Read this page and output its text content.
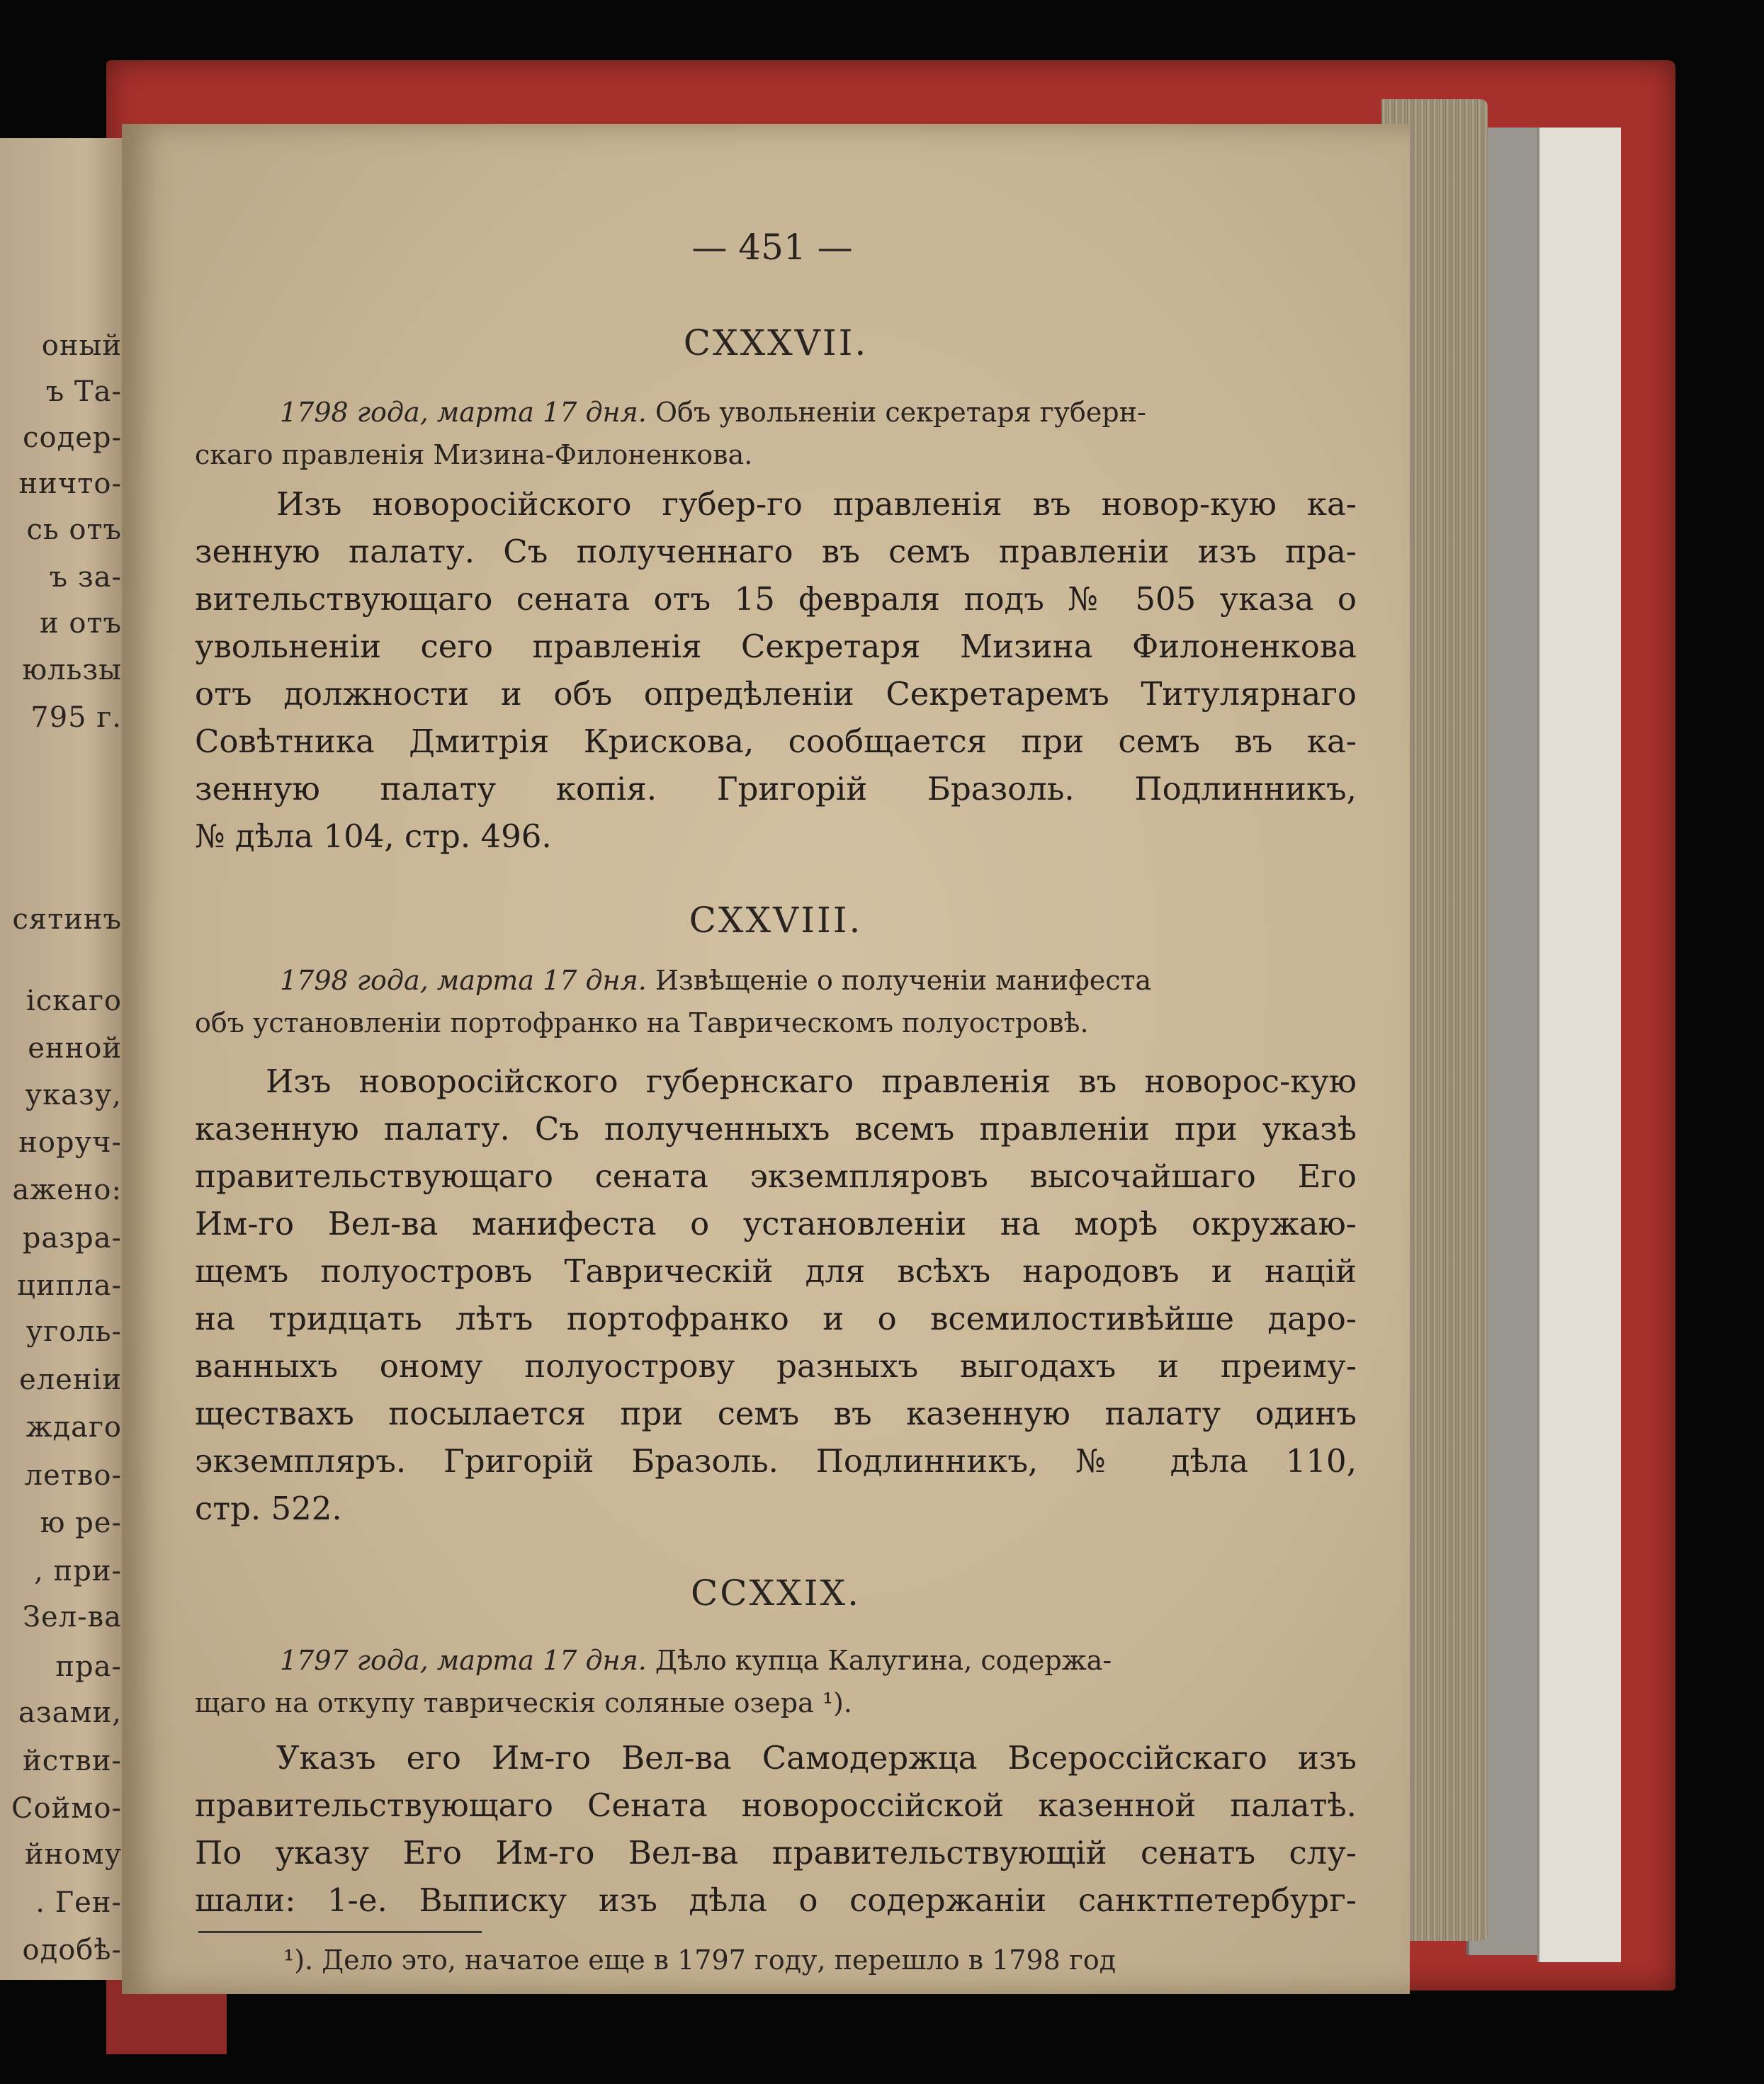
оный
ъ Та-
содер-
ничто-
сь отъ
ъ за-
и отъ
юльзы
795 г.
сятинъ
іскаго
енной
указу,
норуч-
ажено:
разра-
ципла-
уголь-
еленіи
ждаго
летво-
ю ре-
, при-
Зел-ва
пра-
азами,
йстви-
Соймо-
йному
. Ген-
одобѣ-
— 451 —
CXXXVII.
1798 года, марта 17 дня. Объ увольненіи секретаря губерн-
скаго правленія Мизина-Филоненкова.
Изъ новоросійского губер-го правленія въ новор-кую ка-
зенную палату. Съ полученнаго въ семъ правленіи изъ пра-
вительствующаго сената отъ 15 февраля подъ № 505 указа о
увольненіи сего правленія Секретаря Мизина Филоненкова
отъ должности и объ опредѣленіи Секретаремъ Титулярнаго
Совѣтника Дмитрія Крискова, сообщается при семъ въ ка-
зенную палату копія. Григорій Бразоль. Подлинникъ,
№ дѣла 104, стр. 496.
CXXVIII.
1798 года, марта 17 дня. Извѣщеніе о полученіи манифеста
объ установленіи портофранко на Таврическомъ полуостровѣ.
Изъ новоросійского губернскаго правленія въ новорос-кую
казенную палату. Съ полученныхъ всемъ правленіи при указѣ
правительствующаго сената экземпляровъ высочайшаго Его
Им-го Вел-ва манифеста о установленіи на морѣ окружаю-
щемъ полуостровъ Таврическій для всѣхъ народовъ и націй
на тридцать лѣтъ портофранко и о всемилостивѣйше даро-
ванныхъ оному полуострову разныхъ выгодахъ и преиму-
ществахъ посылается при семъ въ казенную палату одинъ
экземпляръ. Григорій Бразоль. Подлинникъ, № дѣла 110,
стр. 522.
CCXXIX.
1797 года, марта 17 дня. Дѣло купца Калугина, содержа-
щаго на откупу таврическія соляные озера ¹).
Указъ его Им-го Вел-ва Самодержца Всероссійскаго изъ
правительствующаго Сената новороссійской казенной палатѣ.
По указу Его Им-го Вел-ва правительствующій сенатъ слу-
шали: 1-е. Выписку изъ дѣла о содержаніи санктпетербург-
¹). Дело это, начатое еще в 1797 году, перешло в 1798 год
